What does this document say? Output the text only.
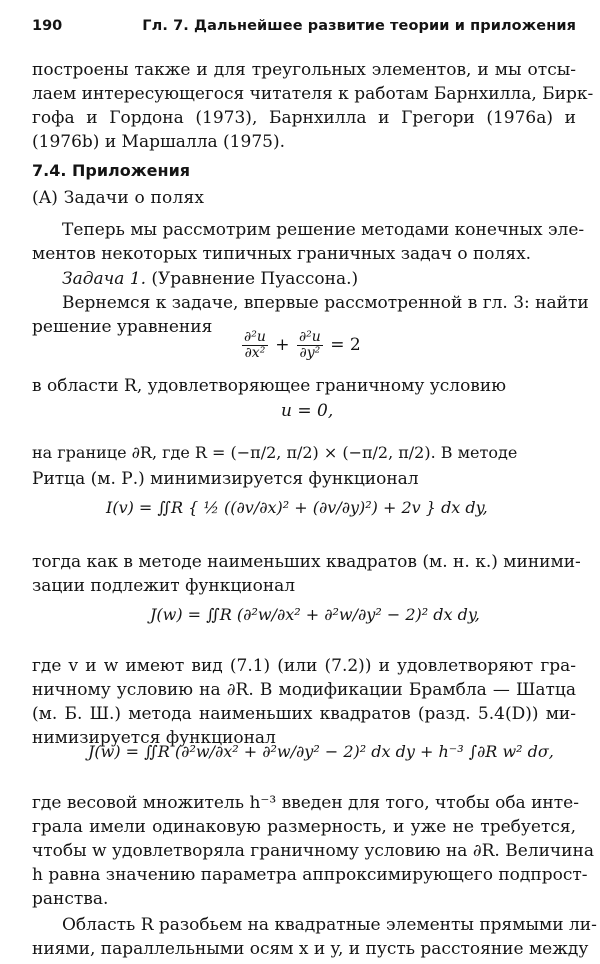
190	Гл. 7. Дальнейшее развитие теории и приложения
построены также и для треугольных элементов, и мы отсы-
лаем интересующегося читателя к работам Барнхилла, Бирк-
гофа и Гордона (1973), Барнхилла и Грегори (1976a) и
(1976b) и Маршалла (1975).
7.4. Приложения
(A) Задачи о полях
Теперь мы рассмотрим решение методами конечных эле-
ментов некоторых типичных граничных задач о полях.
Задача 1. (Уравнение Пуассона.)
Вернемся к задаче, впервые рассмотренной в гл. 3: найти
решение уравнения
$\frac{\text{∂²u}}{\text{∂x²}} + \frac{\text{∂²u}}{\text{∂y²}} = 2$
в области R, удовлетворяющее граничному условию
u = 0,
на границе ∂R, где R = (−π/2, π/2) × (−π/2, π/2). В методе
Ритца (м. Р.) минимизируется функционал
I(v) = ∬R { ½ ((∂v/∂x)² + (∂v/∂y)²) + 2v } dx dy,
тогда как в методе наименьших квадратов (м. н. к.) миними-
зации подлежит функционал
J(w) = ∬R (∂²w/∂x² + ∂²w/∂y² − 2)² dx dy,
где v и w имеют вид (7.1) (или (7.2)) и удовлетворяют гра-
ничному условию на ∂R. В модификации Брамбла — Шатца
(м. Б. Ш.) метода наименьших квадратов (разд. 5.4(D)) ми-
нимизируется функционал
J(w) = ∬R (∂²w/∂x² + ∂²w/∂y² − 2)² dx dy + h⁻³ ∫∂R w² dσ,
где весовой множитель h⁻³ введен для того, чтобы оба инте-
грала имели одинаковую размерность, и уже не требуется,
чтобы w удовлетворяла граничному условию на ∂R. Величина
h равна значению параметра аппроксимирующего подпрост-
ранства.
Область R разобьем на квадратные элементы прямыми ли-
ниями, параллельными осям x и y, и пусть расстояние между
